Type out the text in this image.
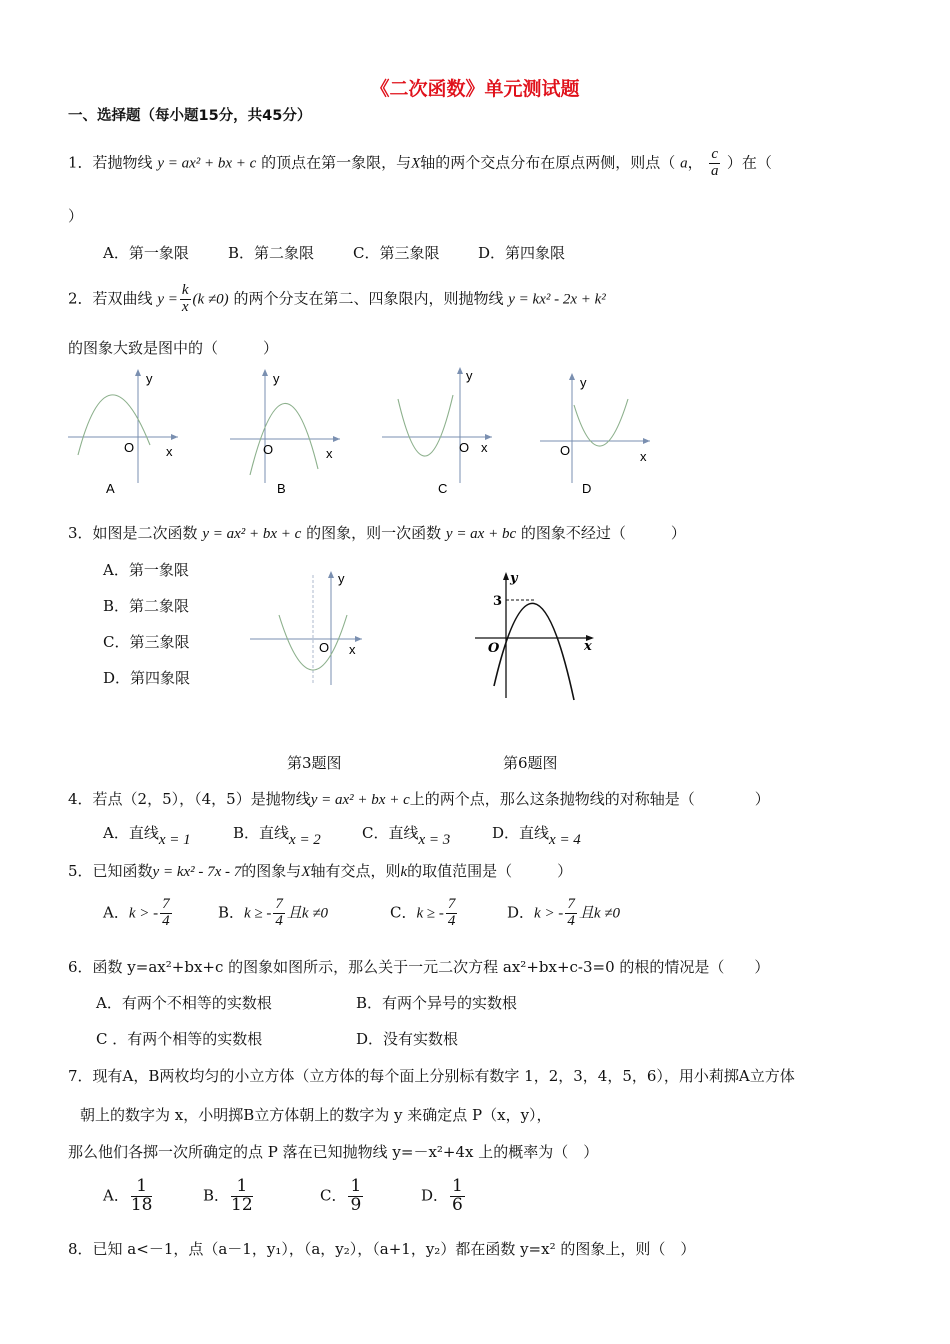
《二次函数》单元测试题
一、选择题（每小题15分，共45分）
1．若抛物线 y = ax² + bx + c 的顶点在第一象限，与X轴的两个交点分布在原点两侧，则点（ a， $\frac{c}{a}$ ）在（
）
A．第一象限	B．第二象限	C．第三象限	D．第四象限
2．若双曲线 $y = \frac{k}{x} (k \ne 0)$ 的两个分支在第二、四象限内，则抛物线 y = kx² - 2x + k²
的图象大致是图中的（　　　）
y
O x
A
y
O	x
B
y
O x
C
y
O	x
D
3．如图是二次函数 y = ax² + bx + c 的图象，则一次函数 y = ax + bc 的图象不经过（　　　）
A．第一象限
B．第二象限
C．第三象限
D．第四象限
y
O x
y
3
O	x
第3题图	第6题图
4．若点（2，5），（4，5）是抛物线y = ax² + bx + c上的两个点，那么这条抛物线的对称轴是（　　　　）
A．直线x = 1	B．直线x = 2	C．直线x = 3	D．直线x = 4
5．已知函数y = kx² - 7x - 7的图象与X轴有交点，则k的取值范围是（　　　）
A．k > - $\frac{7}{4}$	B．k ≥ - $\frac{7}{4}$ 且k ≠0	C．k ≥ - $\frac{7}{4}$	D．k > - $\frac{7}{4}$ 且k ≠0
6．函数 y=ax²+bx+c 的图象如图所示，那么关于一元二次方程 ax²+bx+c-3=0 的根的情况是（　　）
A．有两个不相等的实数根	B．有两个异号的实数根
C ．有两个相等的实数根	D．没有实数根
7．现有A，B两枚均匀的小立方体（立方体的每个面上分别标有数字 1，2，3，4，5，6），用小莉掷A立方体
朝上的数字为 x，小明掷B立方体朝上的数字为 y 来确定点 P（x，y），
那么他们各掷一次所确定的点 P 落在已知抛物线 y=－x²+4x 上的概率为（　）
A． $\frac{1}{18}$	B． $\frac{1}{12}$	C． $\frac{1}{9}$	D． $\frac{1}{6}$
8．已知 a<－1，点（a－1，y₁），（a，y₂），（a+1，y₂）都在函数 y=x² 的图象上，则（　）
